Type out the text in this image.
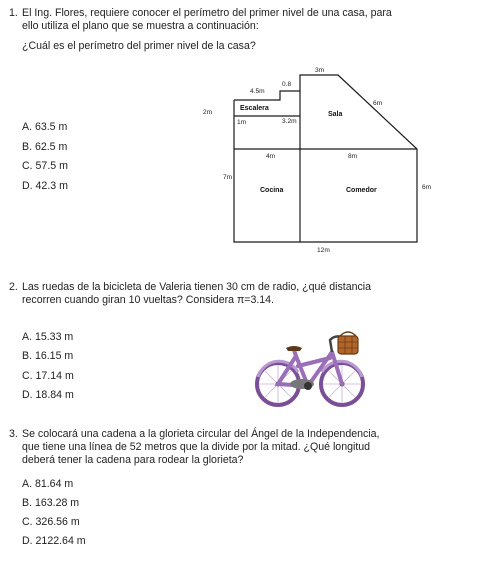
1. El Ing. Flores, requiere conocer el perímetro del primer nivel de una casa, para
ello utiliza el plano que se muestra a continuación:
¿Cuál es el perímetro del primer nivel de la casa?
A. 63.5 m
B. 62.5 m
C. 57.5 m
D. 42.3 m
4.5m
0.8
3m
2m
1m	3.2m
6m
4m	8m
7m
6m
12m
Escalera
Sala
Cocina	Comedor
2. Las ruedas de la bicicleta de Valeria tienen 30 cm de radio, ¿qué distancia
recorren cuando giran 10 vueltas? Considera π=3.14.
A. 15.33 m
B. 16.15 m
C. 17.14 m
D. 18.84 m
3. Se colocará una cadena a la glorieta circular del Ángel de la Independencia,
que tiene una línea de 52 metros que la divide por la mitad. ¿Qué longitud
deberá tener la cadena para rodear la glorieta?
A. 81.64 m
B. 163.28 m
C. 326.56 m
D. 2122.64 m
